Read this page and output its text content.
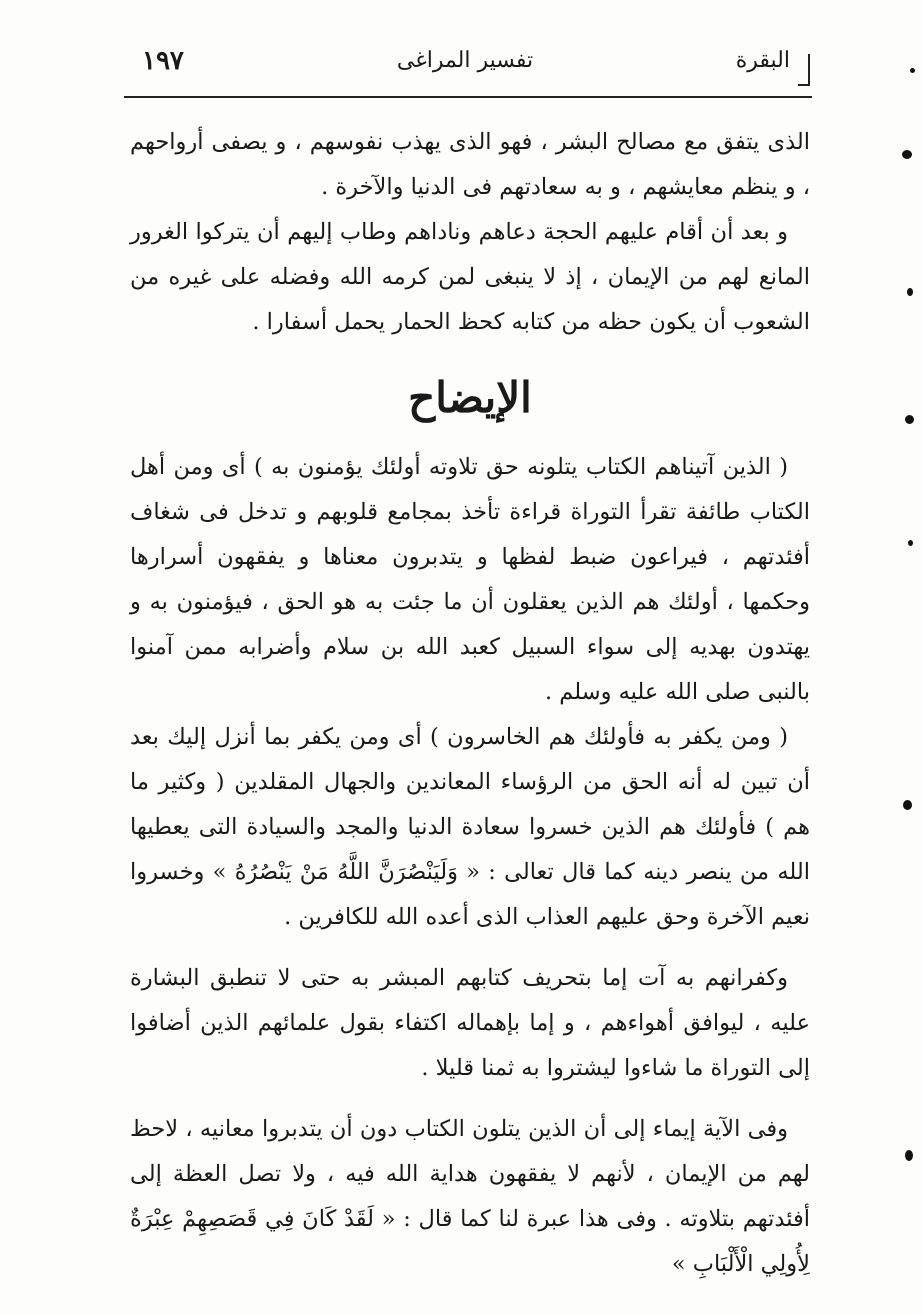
١٩٧	تفسير المراغى	البقرة

الذى يتفق مع مصالح البشر ، فهو الذى يهذب نفوسهم ، و يصفى أرواحهم ، و ينظم معايشهم ، و به سعادتهم فى الدنيا والآخرة .

و بعد أن أقام عليهم الحجة دعاهم وناداهم وطاب إليهم أن يتركوا الغرور المانع لهم من الإيمان ، إذ لا ينبغى لمن كرمه الله وفضله على غيره من الشعوب أن يكون حظه من كتابه كحظ الحمار يحمل أسفارا .

الإيضاح

( الذين آتيناهم الكتاب يتلونه حق تلاوته أولئك يؤمنون به ) أى ومن أهل الكتاب طائفة تقرأ التوراة قراءة تأخذ بمجامع قلوبهم و تدخل فى شغاف أفئدتهم ، فيراعون ضبط لفظها و يتدبرون معناها و يفقهون أسرارها وحكمها ، أولئك هم الذين يعقلون أن ما جئت به هو الحق ، فيؤمنون به و يهتدون بهديه إلى سواء السبيل كعبد الله بن سلام وأضرابه ممن آمنوا بالنبى صلى الله عليه وسلم .

( ومن يكفر به فأولئك هم الخاسرون ) أى ومن يكفر بما أنزل إليك بعد أن تبين له أنه الحق من الرؤساء المعاندين والجهال المقلدين ( وكثير ما هم ) فأولئك هم الذين خسروا سعادة الدنيا والمجد والسيادة التى يعطيها الله من ينصر دينه كما قال تعالى : « وَلَيَنْصُرَنَّ اللَّهُ مَنْ يَنْصُرُهُ » وخسروا نعيم الآخرة وحق عليهم العذاب الذى أعده الله للكافرين .

وكفرانهم به آت إما بتحريف كتابهم المبشر به حتى لا تنطبق البشارة عليه ، ليوافق أهواءهم ، و إما بإهماله اكتفاء بقول علمائهم الذين أضافوا إلى التوراة ما شاءوا ليشتروا به ثمنا قليلا .

وفى الآية إيماء إلى أن الذين يتلون الكتاب دون أن يتدبروا معانيه ، لاحظ لهم من الإيمان ، لأنهم لا يفقهون هداية الله فيه ، ولا تصل العظة إلى أفئدتهم بتلاوته . وفى هذا عبرة لنا كما قال : « لَقَدْ كَانَ فِي قَصَصِهِمْ عِبْرَةٌ لِأُولِي الْأَلْبَابِ »
